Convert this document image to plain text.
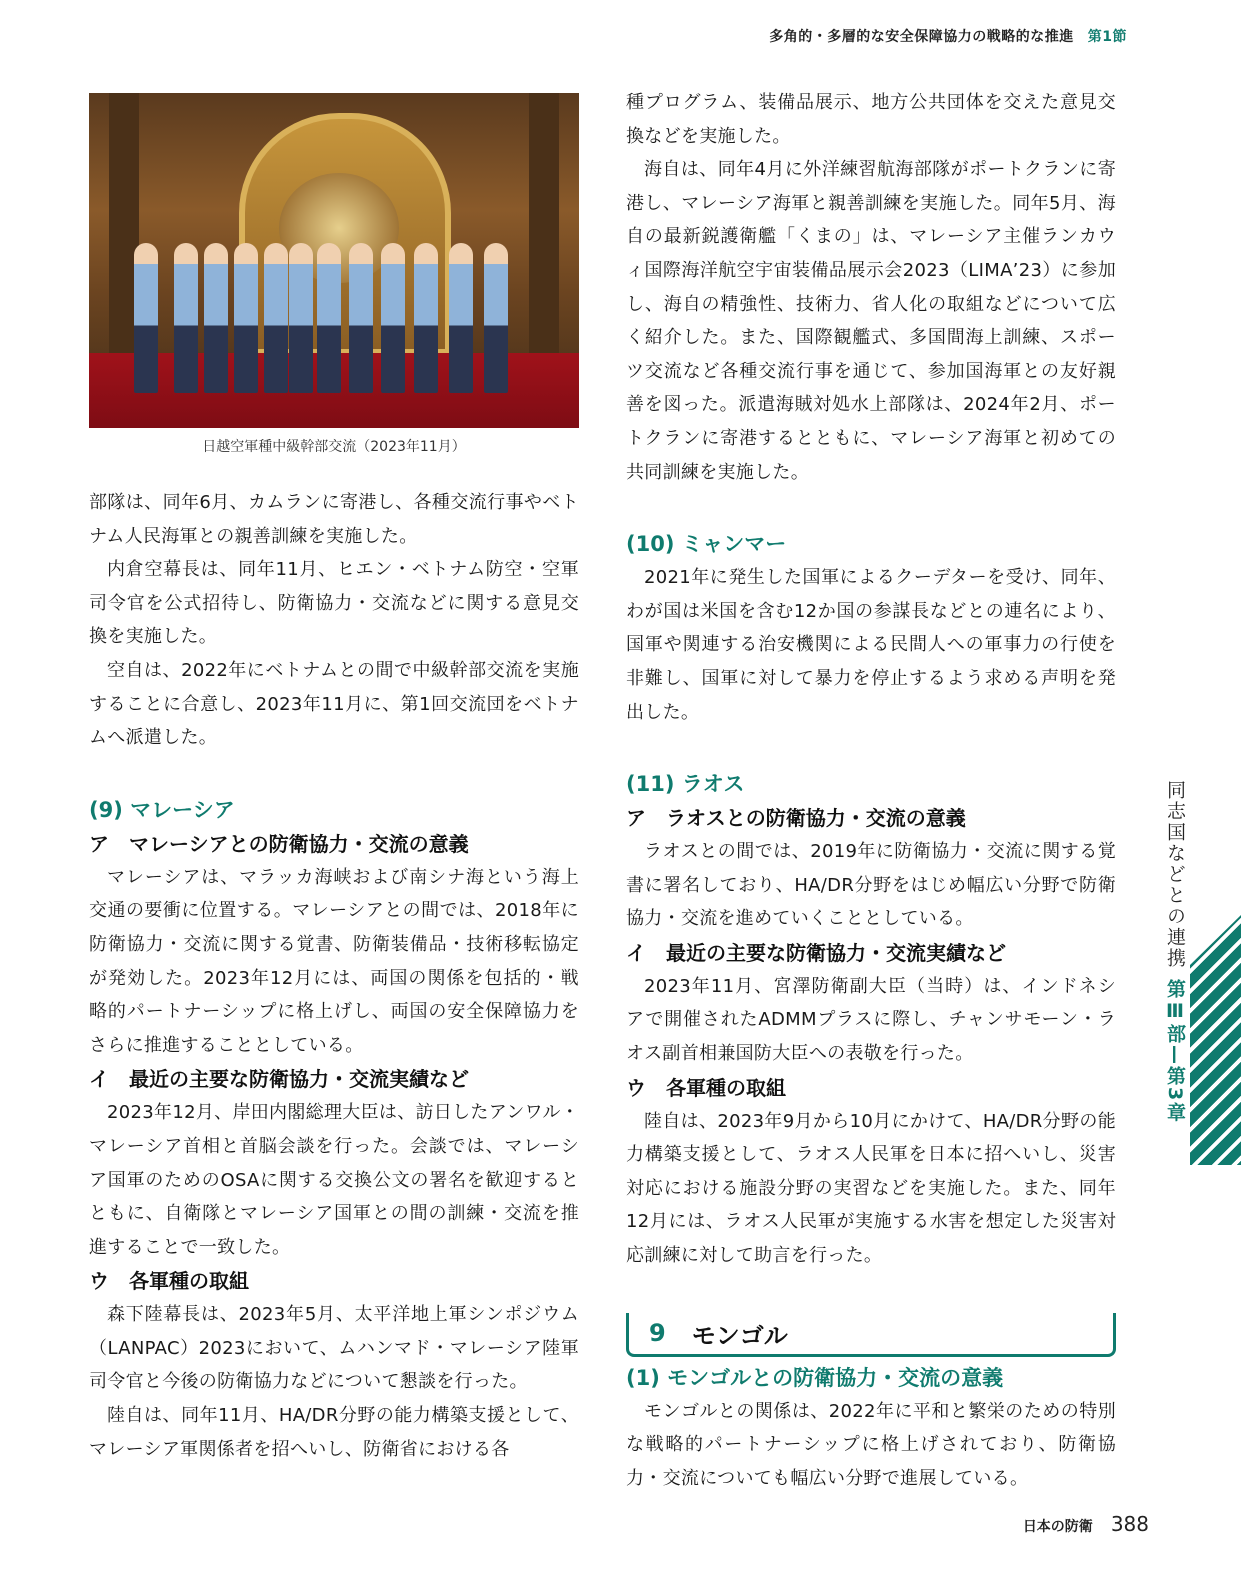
多角的・多層的な安全保障協力の戦略的な推進 第1節
日越空軍種中級幹部交流（2023年11月）

部隊は、同年6月、カムランに寄港し、各種交流行事やベトナム人民海軍との親善訓練を実施した。

内倉空幕長は、同年11月、ヒエン・ベトナム防空・空軍司令官を公式招待し、防衛協力・交流などに関する意見交換を実施した。

空自は、2022年にベトナムとの間で中級幹部交流を実施することに合意し、2023年11月に、第1回交流団をベトナムへ派遣した。

(9) マレーシア
ア　マレーシアとの防衛協力・交流の意義

マレーシアは、マラッカ海峡および南シナ海という海上交通の要衝に位置する。マレーシアとの間では、2018年に防衛協力・交流に関する覚書、防衛装備品・技術移転協定が発効した。2023年12月には、両国の関係を包括的・戦略的パートナーシップに格上げし、両国の安全保障協力をさらに推進することとしている。

イ　最近の主要な防衛協力・交流実績など

2023年12月、岸田内閣総理大臣は、訪日したアンワル・マレーシア首相と首脳会談を行った。会談では、マレーシア国軍のためのOSAに関する交換公文の署名を歓迎するとともに、自衛隊とマレーシア国軍との間の訓練・交流を推進することで一致した。

ウ　各軍種の取組

森下陸幕長は、2023年5月、太平洋地上軍シンポジウム（LANPAC）2023において、ムハンマド・マレーシア陸軍司令官と今後の防衛協力などについて懇談を行った。

陸自は、同年11月、HA/DR分野の能力構築支援として、マレーシア軍関係者を招へいし、防衛省における各

種プログラム、装備品展示、地方公共団体を交えた意見交換などを実施した。

海自は、同年4月に外洋練習航海部隊がポートクランに寄港し、マレーシア海軍と親善訓練を実施した。同年5月、海自の最新鋭護衛艦「くまの」は、マレーシア主催ランカウィ国際海洋航空宇宙装備品展示会2023（LIMA’23）に参加し、海自の精強性、技術力、省人化の取組などについて広く紹介した。また、国際観艦式、多国間海上訓練、スポーツ交流など各種交流行事を通じて、参加国海軍との友好親善を図った。派遣海賊対処水上部隊は、2024年2月、ポートクランに寄港するとともに、マレーシア海軍と初めての共同訓練を実施した。

(10) ミャンマー

2021年に発生した国軍によるクーデターを受け、同年、わが国は米国を含む12か国の参謀長などとの連名により、国軍や関連する治安機関による民間人への軍事力の行使を非難し、国軍に対して暴力を停止するよう求める声明を発出した。

(11) ラオス
ア　ラオスとの防衛協力・交流の意義

ラオスとの間では、2019年に防衛協力・交流に関する覚書に署名しており、HA/DR分野をはじめ幅広い分野で防衛協力・交流を進めていくこととしている。

イ　最近の主要な防衛協力・交流実績など

2023年11月、宮澤防衛副大臣（当時）は、インドネシアで開催されたADMMプラスに際し、チャンサモーン・ラオス副首相兼国防大臣への表敬を行った。

ウ　各軍種の取組

陸自は、2023年9月から10月にかけて、HA/DR分野の能力構築支援として、ラオス人民軍を日本に招へいし、災害対応における施設分野の実習などを実施した。また、同年12月には、ラオス人民軍が実施する水害を想定した災害対応訓練に対して助言を行った。

9 モンゴル
(1) モンゴルとの防衛協力・交流の意義

モンゴルとの関係は、2022年に平和と繁栄のための特別な戦略的パートナーシップに格上げされており、防衛協力・交流についても幅広い分野で進展している。

同志国などとの連携
第Ⅲ部—第3章
日本の防衛 388
